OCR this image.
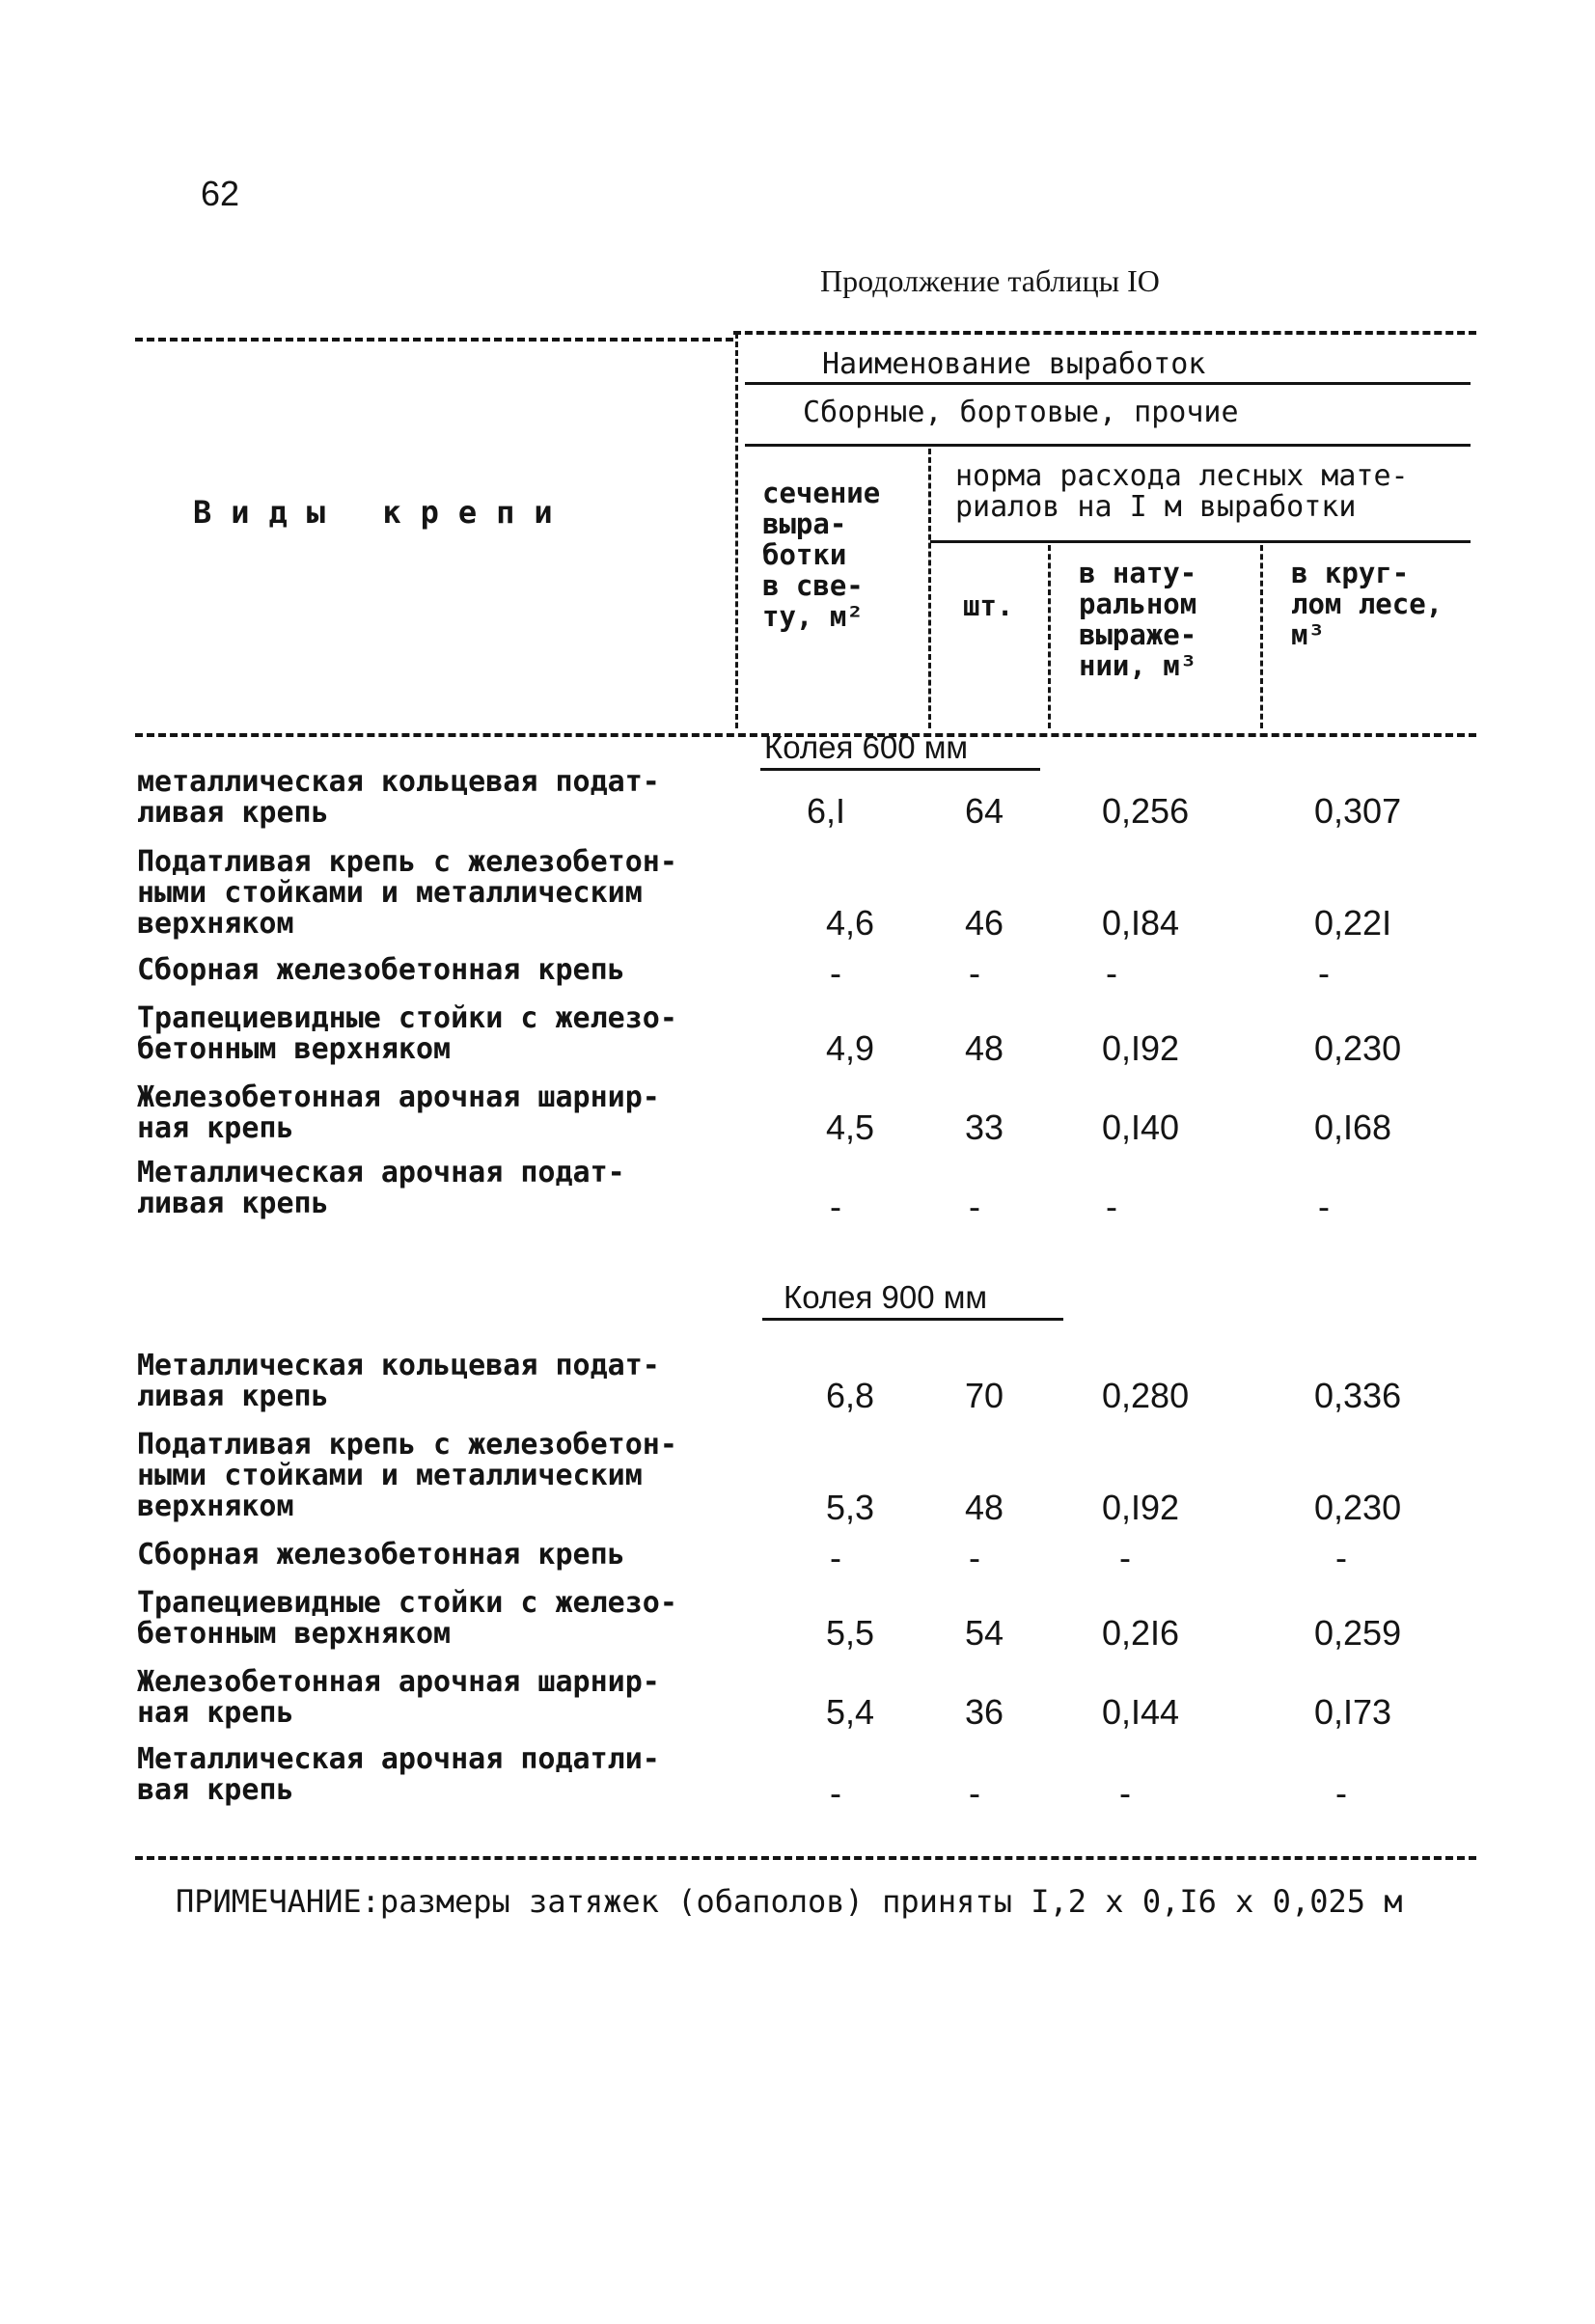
62
Продолжение таблицы IO
Наименование выработок
Сборные, бортовые, прочие
Виды крепи
сечение
выра-
ботки
в све-
ту, м²
норма расхода лесных мате-
риалов на I м выработки
шт.
в нату-
ральном
выраже-
нии, м³
в круг-
лом лесе,
м³
Колея 600 мм
металлическая кольцевая подат-
ливая крепь	6,I	64	0,256	0,307
Податливая крепь с железобетон-
ными стойками и металлическим
верхняком	4,6	46	0,I84	0,22I
Сборная железобетонная крепь	-	-	-	-
Трапециевидные стойки с железо-
бетонным верхняком	4,9	48	0,I92	0,230
Железобетонная арочная шарнир-
ная крепь	4,5	33	0,I40	0,I68
Металлическая арочная подат-
ливая крепь	-	-	-	-
Колея 900 мм
Металлическая кольцевая подат-
ливая крепь	6,8	70	0,280	0,336
Податливая крепь с железобетон-
ными стойками и металлическим
верхняком	5,3	48	0,I92	0,230
Сборная железобетонная крепь	-	-	-	-
Трапециевидные стойки с железо-
бетонным верхняком	5,5	54	0,2I6	0,259
Железобетонная арочная шарнир-
ная крепь	5,4	36	0,I44	0,I73
Металлическая арочная податли-
вая крепь	-	-	-	-
ПРИМЕЧАНИЕ:размеры затяжек (обаполов) приняты I,2 х 0,I6 х 0,025 м
